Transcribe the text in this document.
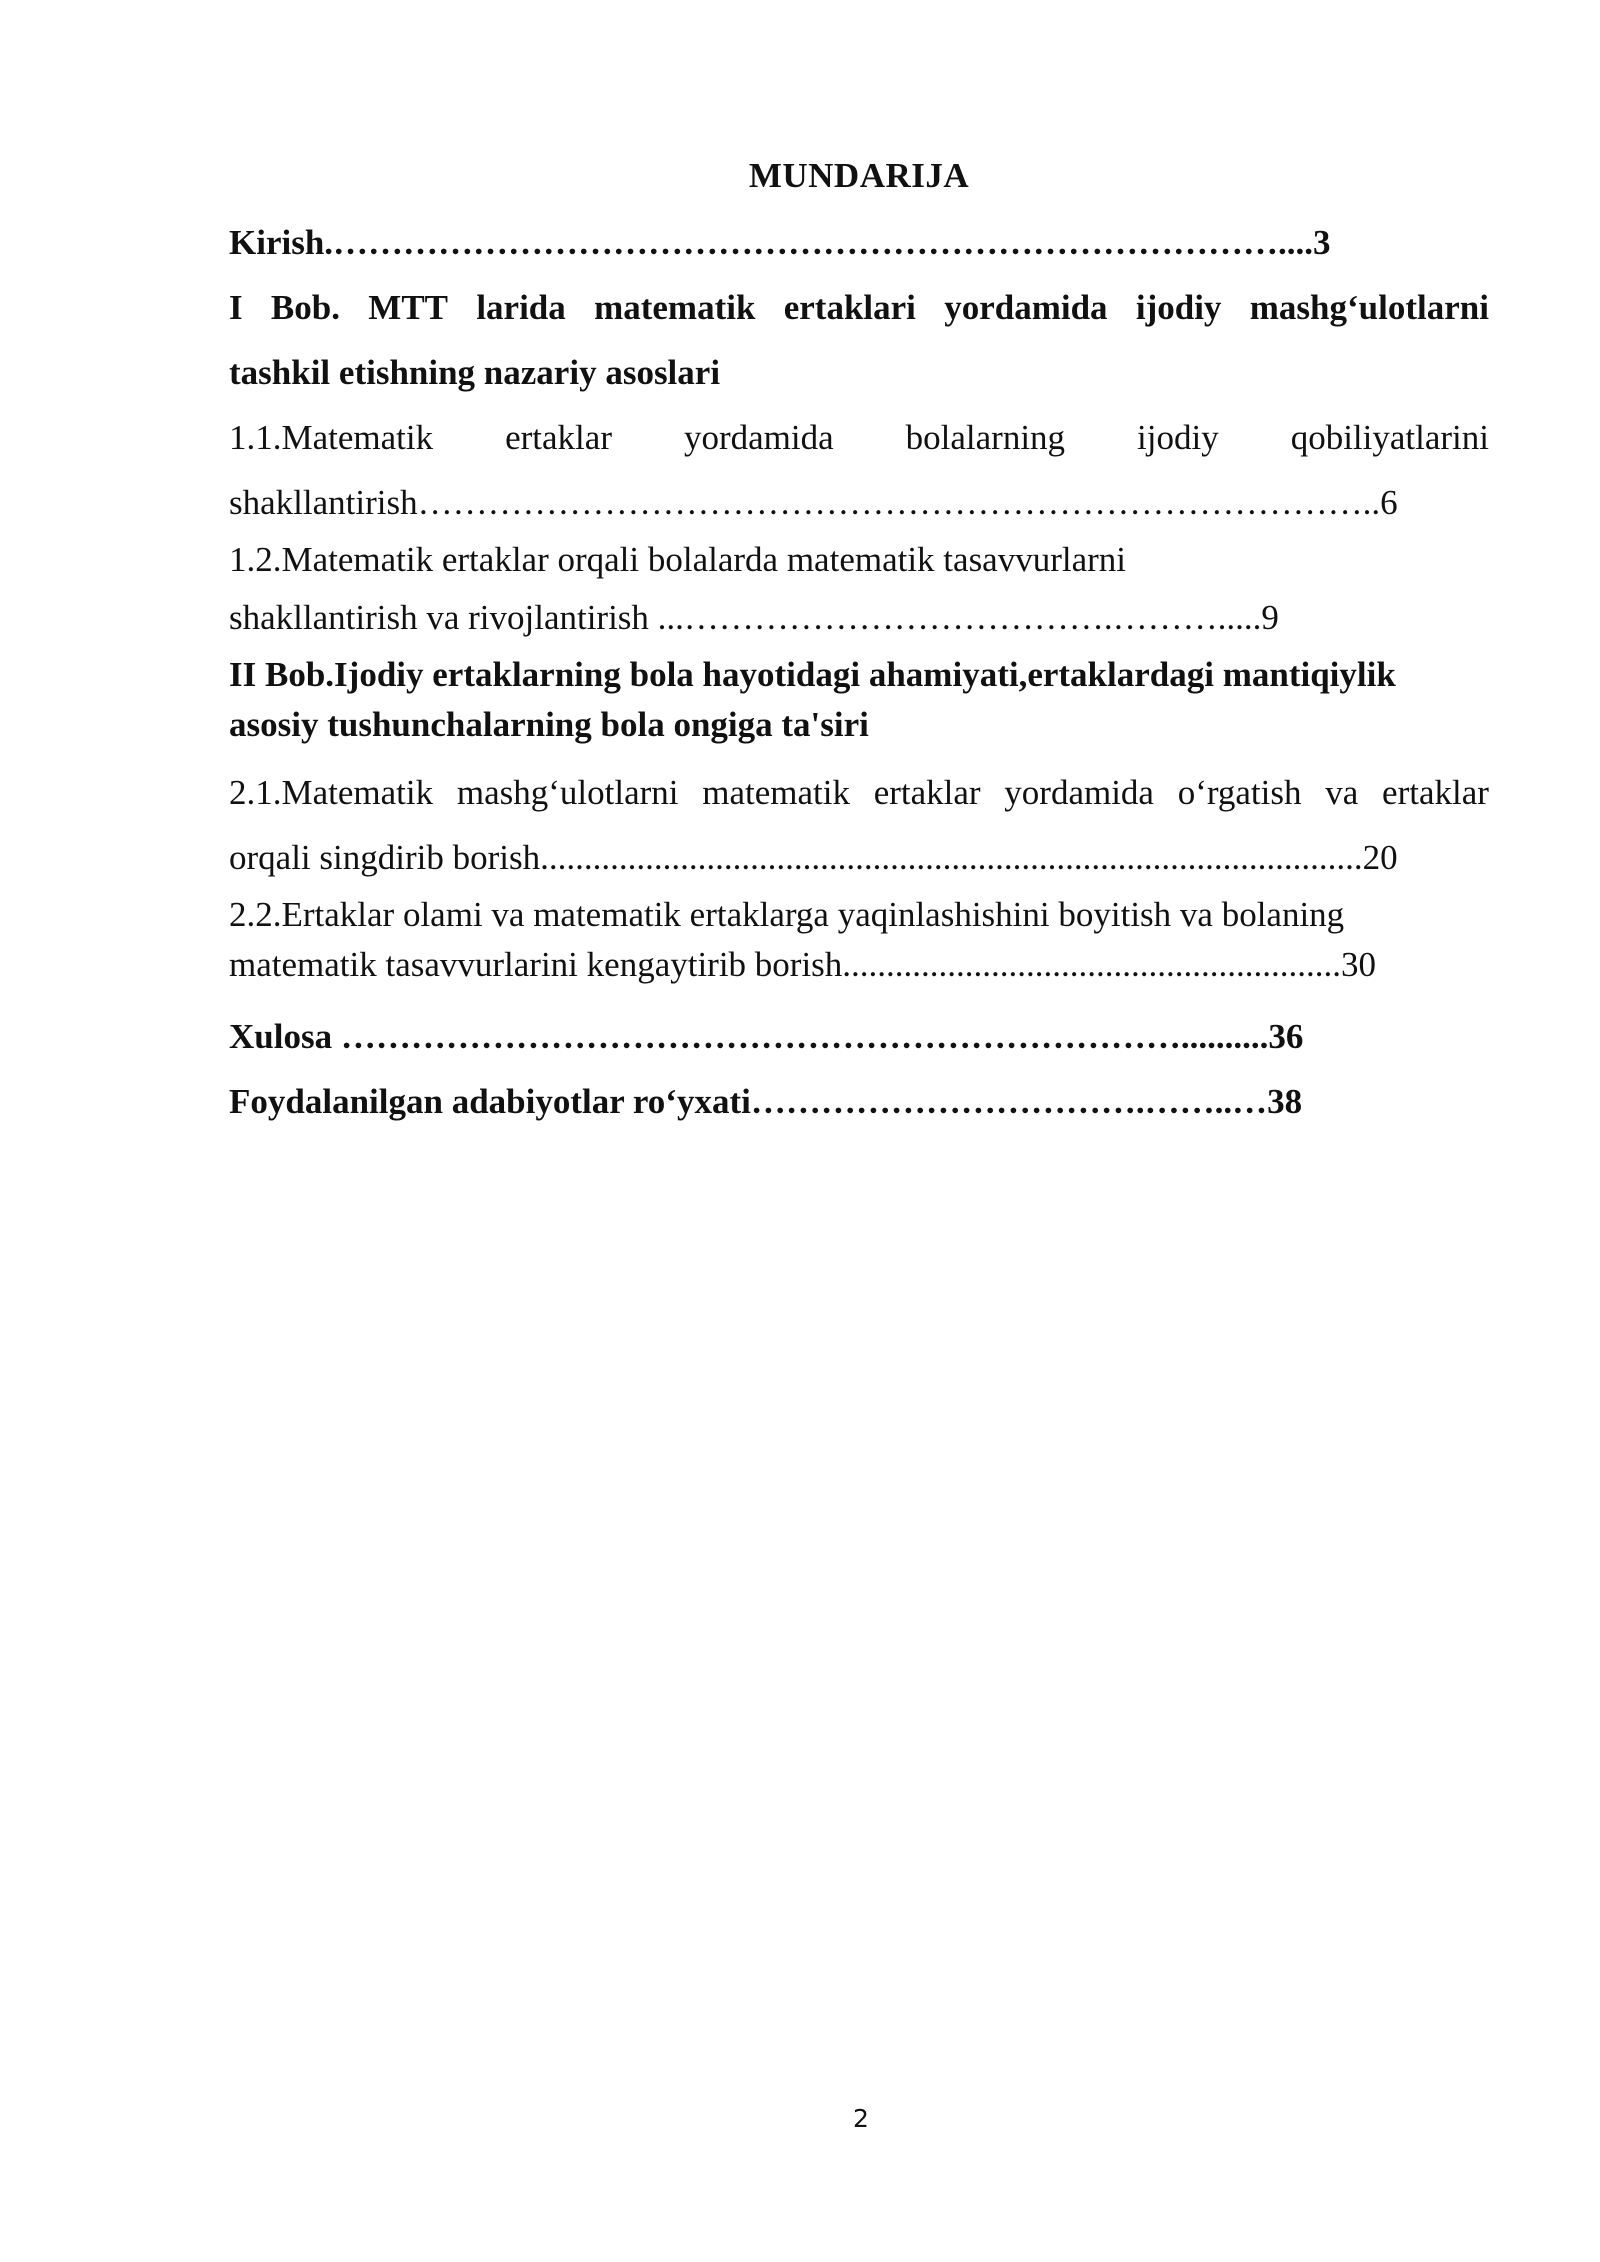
MUNDARIJA
Kirish.………………………………………………………………………....3
I Bob. MTT larida matematik ertaklari yordamida ijodiy mashg‘ulotlarni
tashkil etishning nazariy asoslari
1.1.Matematik ertaklar yordamida bolalarning ijodiy qobiliyatlarini
shakllantirish………………………………………………………………………..6
1.2.Matematik ertaklar orqali bolalarda matematik tasavvurlarni
shakllantirish va rivojlantirish ...……………………………….……….....9
II Bob.Ijodiy ertaklarning bola hayotidagi ahamiyati,ertaklardagi mantiqiylik
asosiy tushunchalarning bola ongiga ta'siri
2.1.Matematik mashg‘ulotlarni matematik ertaklar yordamida o‘rgatish va ertaklar
orqali singdirib borish..............................................................................................20
2.2.Ertaklar olami va matematik ertaklarga yaqinlashishini boyitish va bolaning
matematik tasavvurlarini kengaytirib borish.........................................................30
Xulosa ………………………………………………………………..........36
Foydalanilgan adabiyotlar ro‘yxati…………………………….……..…38
2
